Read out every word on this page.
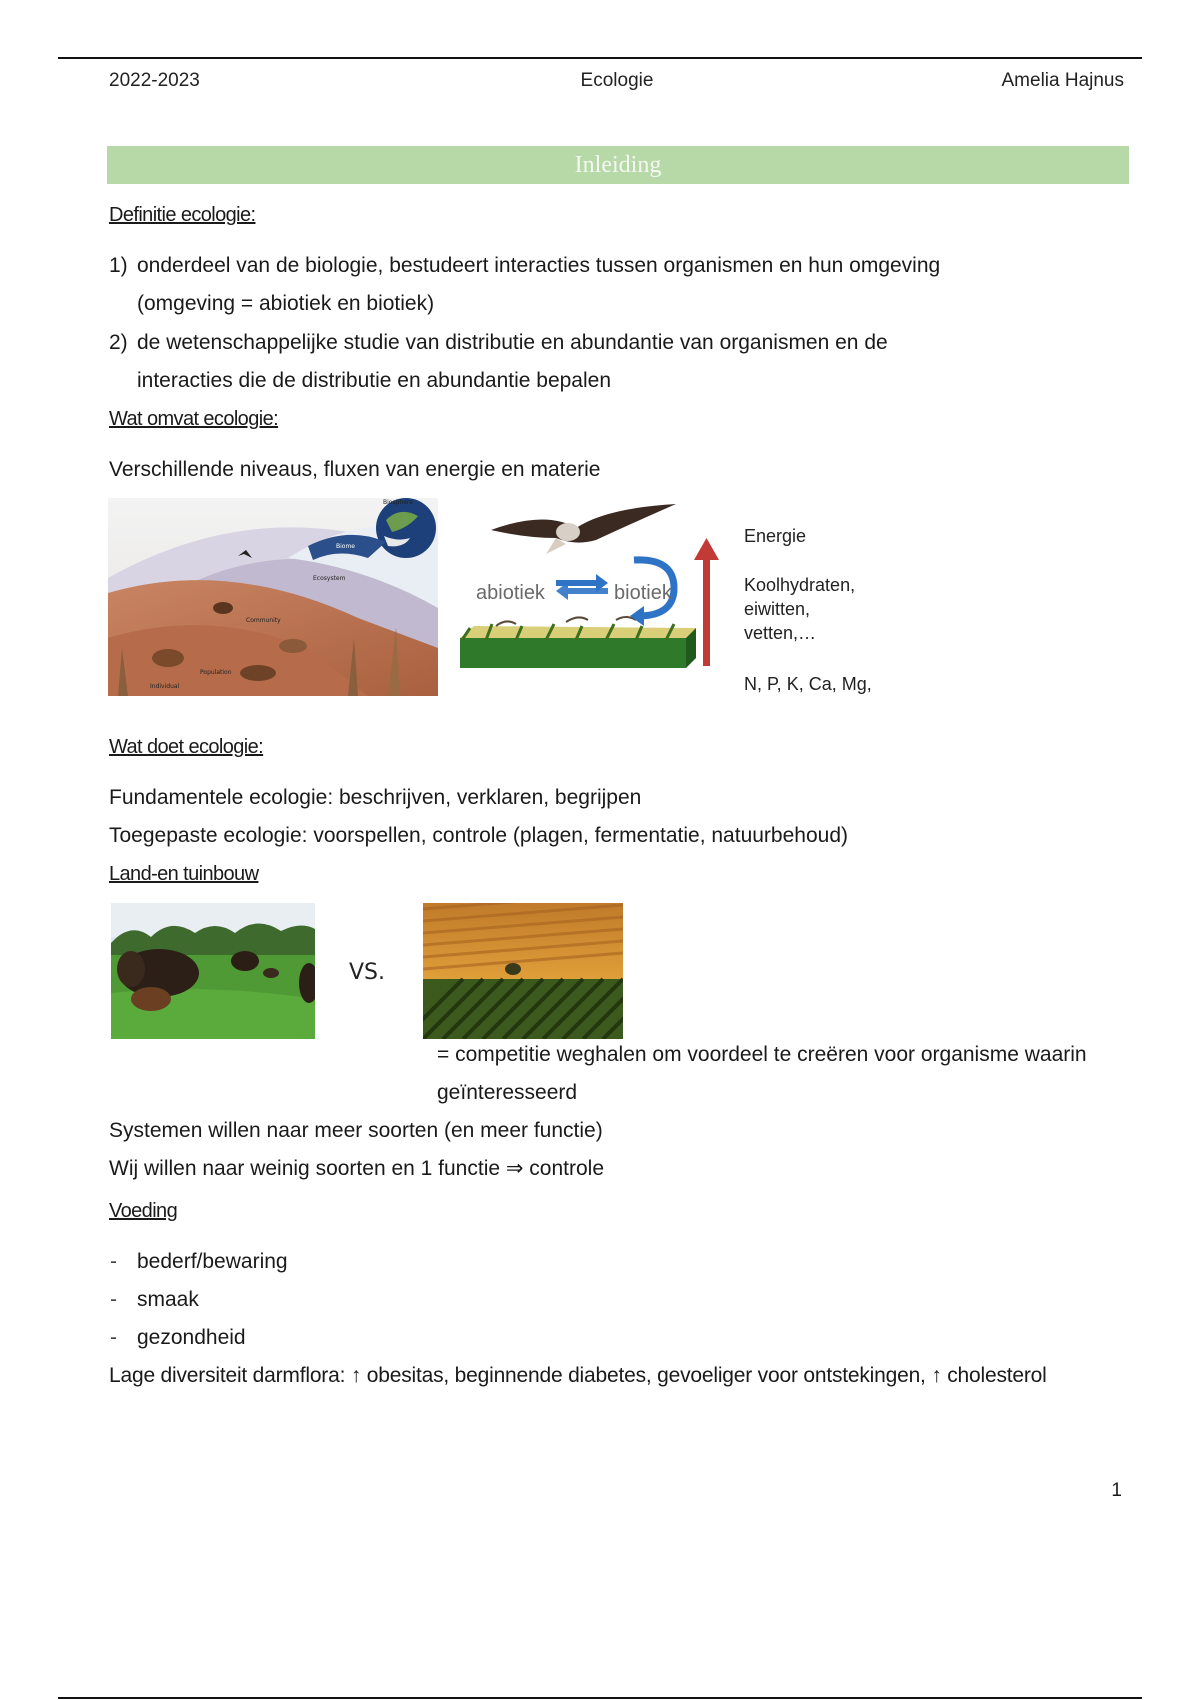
2022-2023	Ecologie	Amelia Hajnus
Inleiding
Definitie ecologie:
1) onderdeel van de biologie, bestudeert interacties tussen organismen en hun omgeving
(omgeving = abiotiek en biotiek)
2) de wetenschappelijke studie van distributie en abundantie van organismen en de
interacties die de distributie en abundantie bepalen
Wat omvat ecologie:
Verschillende niveaus, fluxen van energie en materie
Biosphere
Biome
Ecosystem
Community
Population
Individual
abiotiek	biotiek
Energie
Koolhydraten,
eiwitten,
vetten,…
N, P, K, Ca, Mg,
Wat doet ecologie:
Fundamentele ecologie: beschrijven, verklaren, begrijpen
Toegepaste ecologie: voorspellen, controle (plagen, fermentatie, natuurbehoud)
Land-en tuinbouw
VS.
= competitie weghalen om voordeel te creëren voor organisme waarin
geïnteresseerd
Systemen willen naar meer soorten (en meer functie)
Wij willen naar weinig soorten en 1 functie ⇒ controle
Voeding
- bederf/bewaring
- smaak
- gezondheid
Lage diversiteit darmflora: ↑ obesitas, beginnende diabetes, gevoeliger voor ontstekingen, ↑ cholesterol
1
